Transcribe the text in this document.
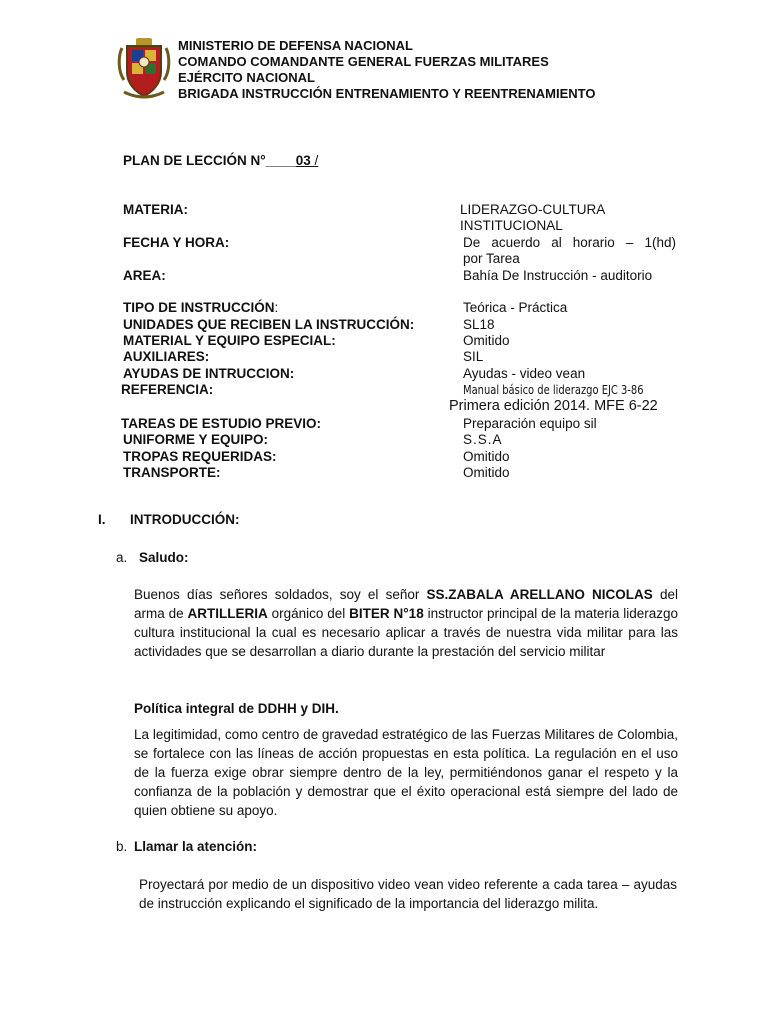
MINISTERIO DE DEFENSA NACIONAL
COMANDO COMANDANTE GENERAL FUERZAS MILITARES
EJÉRCITO NACIONAL
BRIGADA INSTRUCCIÓN ENTRENAMIENTO Y REENTRENAMIENTO
PLAN DE LECCIÓN N°____03 /
MATERIA:	LIDERAZGO-CULTURA
INSTITUCIONAL
FECHA Y HORA:	De acuerdo al horario – 1(hd)
por Tarea
AREA:	Bahía De Instrucción - auditorio
TIPO DE INSTRUCCIÓN:	Teórica - Práctica
UNIDADES QUE RECIBEN LA INSTRUCCIÓN:	SL18
MATERIAL Y EQUIPO ESPECIAL:	Omitido
AUXILIARES:	SIL
AYUDAS DE INTRUCCION:	Ayudas - video vean
REFERENCIA:	Manual básico de liderazgo EJC 3-86
Primera edición 2014. MFE 6-22
TAREAS DE ESTUDIO PREVIO:	Preparación equipo sil
UNIFORME Y EQUIPO:	S.S.A
TROPAS REQUERIDAS:	Omitido
TRANSPORTE:	Omitido
I. INTRODUCCIÓN:
a. Saludo:
Buenos días señores soldados, soy el señor SS.ZABALA ARELLANO NICOLAS del arma de ARTILLERIA orgánico del BITER N°18 instructor principal de la materia liderazgo cultura institucional la cual es necesario aplicar a través de nuestra vida militar para las actividades que se desarrollan a diario durante la prestación del servicio militar
Política integral de DDHH y DIH.
La legitimidad, como centro de gravedad estratégico de las Fuerzas Militares de Colombia, se fortalece con las líneas de acción propuestas en esta política. La regulación en el uso de la fuerza exige obrar siempre dentro de la ley, permitiéndonos ganar el respeto y la confianza de la población y demostrar que el éxito operacional está siempre del lado de quien obtiene su apoyo.
b. Llamar la atención:
Proyectará por medio de un dispositivo video vean video referente a cada tarea – ayudas de instrucción explicando el significado de la importancia del liderazgo milita.
